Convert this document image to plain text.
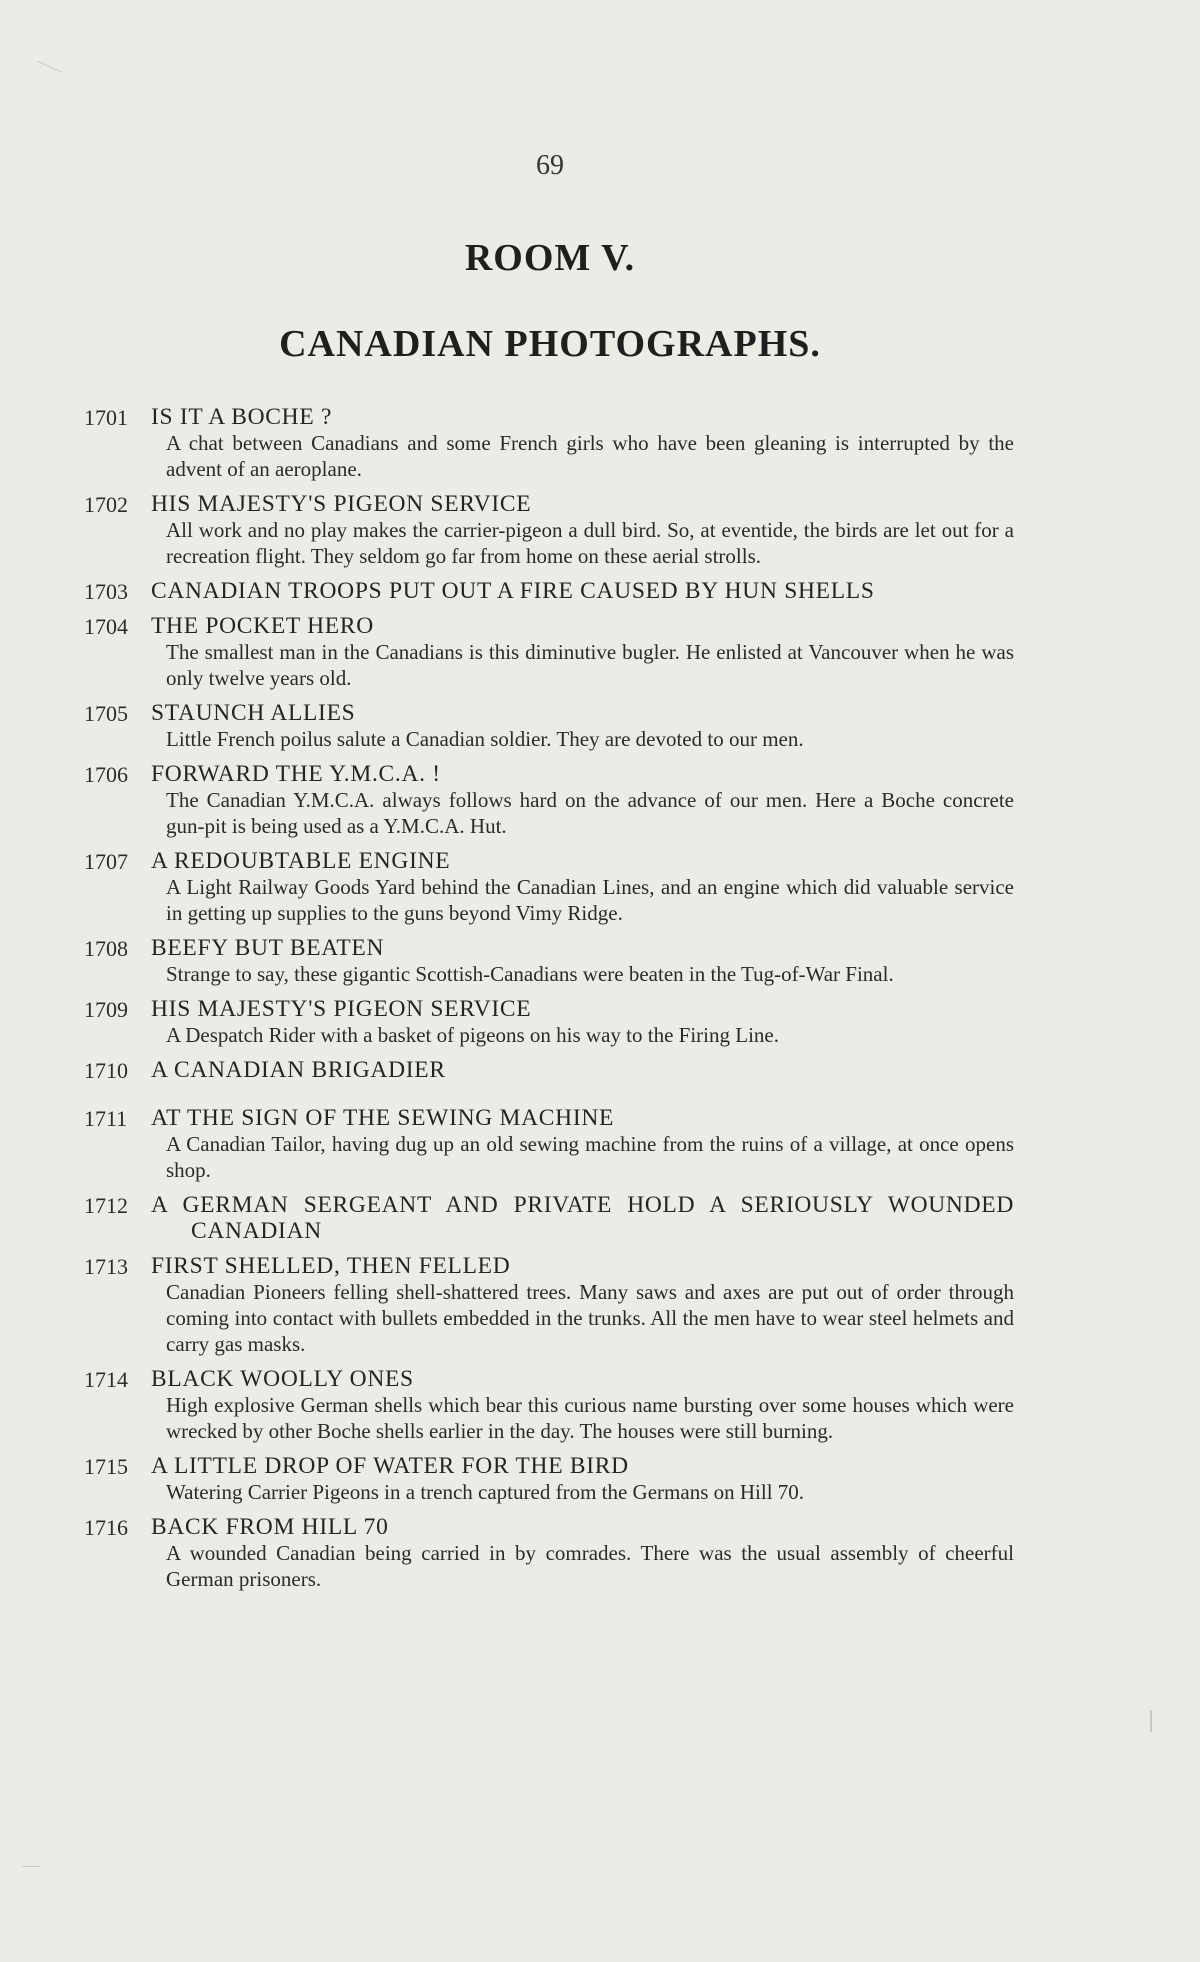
69
ROOM V.
CANADIAN PHOTOGRAPHS.
1701 IS IT A BOCHE ?
A chat between Canadians and some French girls who have been gleaning is interrupted by the advent of an aeroplane.
1702 HIS MAJESTY'S PIGEON SERVICE
All work and no play makes the carrier-pigeon a dull bird. So, at eventide, the birds are let out for a recreation flight. They seldom go far from home on these aerial strolls.
1703 CANADIAN TROOPS PUT OUT A FIRE CAUSED BY HUN SHELLS
1704 THE POCKET HERO
The smallest man in the Canadians is this diminutive bugler. He enlisted at Vancouver when he was only twelve years old.
1705 STAUNCH ALLIES
Little French poilus salute a Canadian soldier. They are devoted to our men.
1706 FORWARD THE Y.M.C.A. !
The Canadian Y.M.C.A. always follows hard on the advance of our men. Here a Boche concrete gun-pit is being used as a Y.M.C.A. Hut.
1707 A REDOUBTABLE ENGINE
A Light Railway Goods Yard behind the Canadian Lines, and an engine which did valuable service in getting up supplies to the guns beyond Vimy Ridge.
1708 BEEFY BUT BEATEN
Strange to say, these gigantic Scottish-Canadians were beaten in the Tug-of-War Final.
1709 HIS MAJESTY'S PIGEON SERVICE
A Despatch Rider with a basket of pigeons on his way to the Firing Line.
1710 A CANADIAN BRIGADIER
1711	AT THE SIGN OF THE SEWING MACHINE
A Canadian Tailor, having dug up an old sewing machine from the ruins of a village, at once opens shop.
1712 A GERMAN SERGEANT AND PRIVATE HOLD A SERIOUSLY WOUNDED CANADIAN
1713 FIRST SHELLED, THEN FELLED
Canadian Pioneers felling shell-shattered trees. Many saws and axes are put out of order through coming into contact with bullets embedded in the trunks. All the men have to wear steel helmets and carry gas masks.
1714 BLACK WOOLLY ONES
High explosive German shells which bear this curious name bursting over some houses which were wrecked by other Boche shells earlier in the day. The houses were still burning.
1715 A LITTLE DROP OF WATER FOR THE BIRD
Watering Carrier Pigeons in a trench captured from the Germans on Hill 70.
1716 BACK FROM HILL 70
A wounded Canadian being carried in by comrades. There was the usual assembly of cheerful German prisoners.
